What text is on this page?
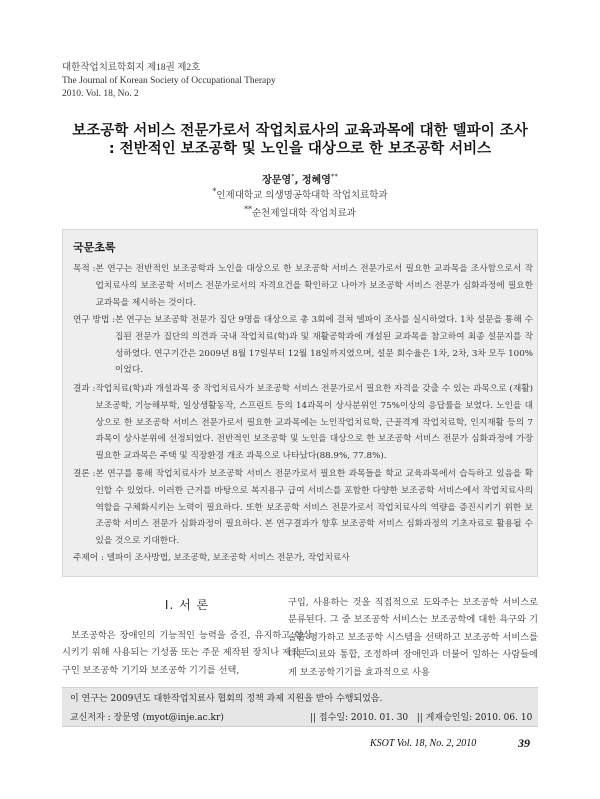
대한작업치료학회지 제18권 제2호
The Journal of Korean Society of Occupational Therapy
2010. Vol. 18, No. 2
보조공학 서비스 전문가로서 작업치료사의 교육과목에 대한 델파이 조사
: 전반적인 보조공학 및 노인을 대상으로 한 보조공학 서비스
장문영*, 정혜영**
*인제대학교 의생명공학대학 작업치료학과
**순천제일대학 작업치료과
국문초록
목적 : 본 연구는 전반적인 보조공학과 노인을 대상으로 한 보조공학 서비스 전문가로서 필요한 교과목을 조사함으로서 작업치료사의 보조공학 서비스 전문가로서의 자격요건을 확인하고 나아가 보조공학 서비스 전문가 심화과정에 필요한 교과목을 제시하는 것이다.
연구 방법 : 본 연구는 보조공학 전문가 집단 9명을 대상으로 총 3회에 걸쳐 델파이 조사를 실시하였다. 1차 설문을 통해 수집된 전문가 집단의 의견과 국내 작업치료(학)과 및 재활공학과에 개설된 교과목을 참고하여 최종 설문지를 작성하였다. 연구기간은 2009년 8월 17일부터 12월 18일까지였으며, 설문 회수율은 1차, 2차, 3차 모두 100%이었다.
결과 : 작업치료(학)과 개설과목 중 작업치료사가 보조공학 서비스 전문가로서 필요한 자격을 갖출 수 있는 과목으로 (재활)보조공학, 기능해부학, 일상생활동작, 스프린트 등의 14과목이 상사분위인 75%이상의 응답률을 보였다. 노인을 대상으로 한 보조공학 서비스 전문가로서 필요한 교과목에는 노인작업치료학, 근골격계 작업치료학, 인지재활 등의 7과목이 상사분위에 선정되었다. 전반적인 보조공학 및 노인을 대상으로 한 보조공학 서비스 전문가 심화과정에 가장 필요한 교과목은 주택 및 직장환경 개조 과목으로 나타났다(88.9%, 77.8%).
결론 : 본 연구를 통해 작업치료사가 보조공학 서비스 전문가로서 필요한 과목들을 학교 교육과목에서 습득하고 있음을 확인할 수 있었다. 이러한 근거를 바탕으로 복지용구 급여 서비스를 포함한 다양한 보조공학 서비스에서 작업치료사의 역할을 구체화시키는 노력이 필요하다. 또한 보조공학 서비스 전문가로서 작업치료사의 역량을 증진시키기 위한 보조공학 서비스 전문가 심화과정이 필요하다. 본 연구결과가 향후 보조공학 서비스 심화과정의 기초자료로 활용될 수 있을 것으로 기대한다.
주제어 : 델파이 조사방법, 보조공학, 보조공학 서비스 전문가, 작업치료사
I. 서 론
보조공학은 장애인의 기능적인 능력을 증진, 유지하고 향상시키기 위해 사용되는 기성품 또는 주문 제작된 장치나 제작 도구인 보조공학 기기와 보조공학 기기를 선택,
구입, 사용하는 것을 직접적으로 도와주는 보조공학 서비스로 분류된다. 그 중 보조공학 서비스는 보조공학에 대한 욕구와 기술을 평가하고 보조공학 시스템을 선택하고 보조공학 서비스를 다른 치료와 통합, 조정하며 장애인과 더불어 일하는 사람들에게 보조공학기기를 효과적으로 사용
이 연구는 2009년도 대한작업치료사 협회의 정책 과제 지원을 받아 수행되었음.
교신저자 : 장문영 (myot@inje.ac.kr)	|| 접수일: 2010. 01. 30 || 게재승인일: 2010. 06. 10
KSOT Vol. 18, No. 2, 2010	39
